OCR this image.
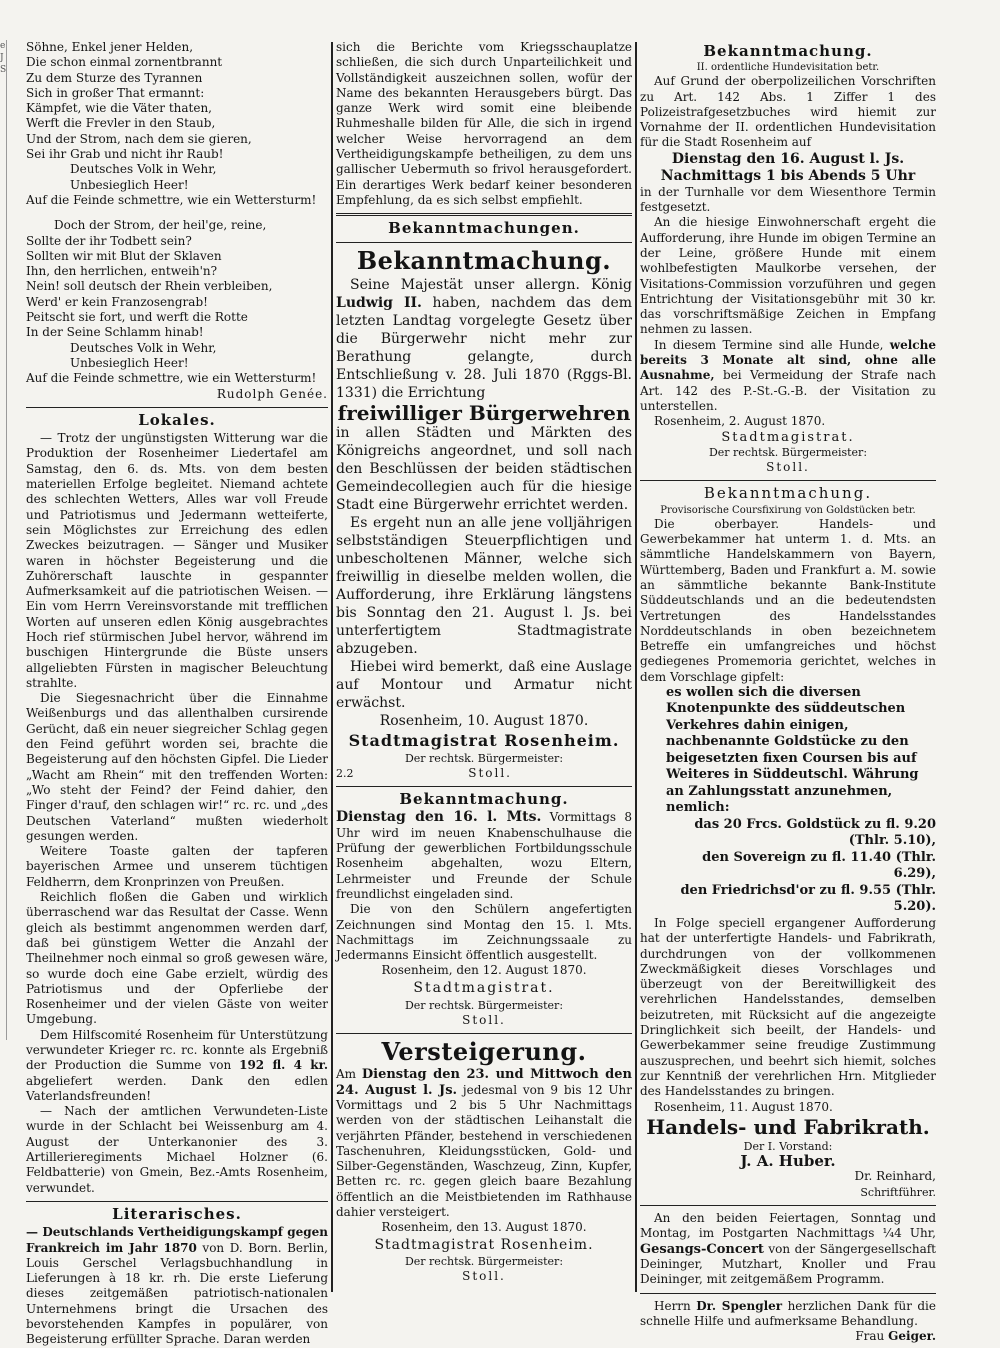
e
J
S
Söhne, Enkel jener Helden,
Die schon einmal zornentbrannt
Zu dem Sturze des Tyrannen
Sich in großer That ermannt:
Kämpfet, wie die Väter thaten,
Werft die Frevler in den Staub,
Und der Strom, nach dem sie gieren,
Sei ihr Grab und nicht ihr Raub!
Deutsches Volk in Wehr,
Unbesieglich Heer!
Auf die Feinde schmettre, wie ein Wettersturm!
Doch der Strom, der heil'ge, reine,
Sollte der ihr Todbett sein?
Sollten wir mit Blut der Sklaven
Ihn, den herrlichen, entweih'n?
Nein! soll deutsch der Rhein verbleiben,
Werd' er kein Franzosengrab!
Peitscht sie fort, und werft die Rotte
In der Seine Schlamm hinab!
Deutsches Volk in Wehr,
Unbesieglich Heer!
Auf die Feinde schmettre, wie ein Wettersturm!

Rudolph Genée.

Lokales.

— Trotz der ungünstigsten Witterung war die Produktion der Rosenheimer Liedertafel am Samstag, den 6. ds. Mts. von dem besten materiellen Erfolge begleitet. Niemand achtete des schlechten Wetters, Alles war voll Freude und Patriotismus und Jedermann wetteiferte, sein Möglichstes zur Erreichung des edlen Zweckes beizutragen. — Sänger und Musiker waren in höchster Begeisterung und die Zuhörerschaft lauschte in gespannter Aufmerksamkeit auf die patriotischen Weisen. — Ein vom Herrn Vereinsvorstande mit trefflichen Worten auf unseren edlen König ausgebrachtes Hoch rief stürmischen Jubel hervor, während im buschigen Hintergrunde die Büste unsers allgeliebten Fürsten in magischer Beleuchtung strahlte.

Die Siegesnachricht über die Einnahme Weißenburgs und das allenthalben cursirende Gerücht, daß ein neuer siegreicher Schlag gegen den Feind geführt worden sei, brachte die Begeisterung auf den höchsten Gipfel. Die Lieder „Wacht am Rhein“ mit den treffenden Worten: „Wo steht der Feind? der Feind dahier, den Finger d'rauf, den schlagen wir!“ rc. rc. und „des Deutschen Vaterland“ mußten wiederholt gesungen werden.

Weitere Toaste galten der tapferen bayerischen Armee und unserem tüchtigen Feldherrn, dem Kronprinzen von Preußen.

Reichlich floßen die Gaben und wirklich überraschend war das Resultat der Casse. Wenn gleich als bestimmt angenommen werden darf, daß bei günstigem Wetter die Anzahl der Theilnehmer noch einmal so groß gewesen wäre, so wurde doch eine Gabe erzielt, würdig des Patriotismus und der Opferliebe der Rosenheimer und der vielen Gäste von weiter Umgebung.

Dem Hilfscomité Rosenheim für Unterstützung verwundeter Krieger rc. rc. konnte als Ergebniß der Production die Summe von 192 fl. 4 kr. abgeliefert werden. Dank den edlen Vaterlandsfreunden!

— Nach der amtlichen Verwundeten-Liste wurde in der Schlacht bei Weissenburg am 4. August der Unterkanonier des 3. Artillerieregiments Michael Holzner (6. Feldbatterie) von Gmein, Bez.-Amts Rosenheim, verwundet.

Literarisches.

— Deutschlands Vertheidigungskampf gegen Frankreich im Jahr 1870 von D. Born. Berlin, Louis Gerschel Verlagsbuchhandlung in Lieferungen à 18 kr. rh. Die erste Lieferung dieses zeitgemäßen patriotisch-nationalen Unternehmens bringt die Ursachen des bevorstehenden Kampfes in populärer, von Begeisterung erfüllter Sprache. Daran werden

sich die Berichte vom Kriegsschauplatze schließen, die sich durch Unparteilichkeit und Vollständigkeit auszeichnen sollen, wofür der Name des bekannten Herausgebers bürgt. Das ganze Werk wird somit eine bleibende Ruhmeshalle bilden für Alle, die sich in irgend welcher Weise hervorragend an dem Vertheidigungskampfe betheiligen, zu dem uns gallischer Uebermuth so frivol herausgefordert. Ein derartiges Werk bedarf keiner besonderen Empfehlung, da es sich selbst empfiehlt.

Bekanntmachungen.
Bekanntmachung.

Seine Majestät unser allergn. König Ludwig II. haben, nachdem das dem letzten Landtag vorgelegte Gesetz über die Bürgerwehr nicht mehr zur Berathung gelangte, durch Entschließung v. 28. Juli 1870 (Rggs-Bl. 1331) die Errichtung

freiwilliger Bürgerwehren

in allen Städten und Märkten des Königreichs angeordnet, und soll nach den Beschlüssen der beiden städtischen Gemeindecollegien auch für die hiesige Stadt eine Bürgerwehr errichtet werden.

Es ergeht nun an alle jene volljährigen selbstständigen Steuerpflichtigen und unbescholtenen Männer, welche sich freiwillig in dieselbe melden wollen, die Aufforderung, ihre Erklärung längstens bis Sonntag den 21. August l. Js. bei unterfertigtem Stadtmagistrate abzugeben.

Hiebei wird bemerkt, daß eine Auslage auf Montour und Armatur nicht erwächst.

Rosenheim, 10. August 1870.

Stadtmagistrat Rosenheim.

Der rechtsk. Bürgermeister:

2.2	Stoll.
Bekanntmachung.

Dienstag den 16. l. Mts. Vormittags 8 Uhr wird im neuen Knabenschulhause die Prüfung der gewerblichen Fortbildungsschule Rosenheim abgehalten, wozu Eltern, Lehrmeister und Freunde der Schule freundlichst eingeladen sind.

Die von den Schülern angefertigten Zeichnungen sind Montag den 15. l. Mts. Nachmittags im Zeichnungssaale zu Jedermanns Einsicht öffentlich ausgestellt.

Rosenheim, den 12. August 1870.

Stadtmagistrat.

Der rechtsk. Bürgermeister:

Stoll.

Versteigerung.

Am Dienstag den 23. und Mittwoch den 24. August l. Js. jedesmal von 9 bis 12 Uhr Vormittags und 2 bis 5 Uhr Nachmittags werden von der städtischen Leihanstalt die verjährten Pfänder, bestehend in verschiedenen Taschenuhren, Kleidungsstücken, Gold- und Silber-Gegenständen, Waschzeug, Zinn, Kupfer, Betten rc. rc. gegen gleich baare Bezahlung öffentlich an die Meistbietenden im Rathhause dahier versteigert.

Rosenheim, den 13. August 1870.

Stadtmagistrat Rosenheim.

Der rechtsk. Bürgermeister:

Stoll.

Bekanntmachung.

II. ordentliche Hundevisitation betr.

Auf Grund der oberpolizeilichen Vorschriften zu Art. 142 Abs. 1 Ziffer 1 des Polizeistrafgesetzbuches wird hiemit zur Vornahme der II. ordentlichen Hundevisitation für die Stadt Rosenheim auf

Dienstag den 16. August l. Js. Nachmittags 1 bis Abends 5 Uhr

in der Turnhalle vor dem Wiesenthore Termin festgesetzt.

An die hiesige Einwohnerschaft ergeht die Aufforderung, ihre Hunde im obigen Termine an der Leine, größere Hunde mit einem wohlbefestigten Maulkorbe versehen, der Visitations-Commission vorzuführen und gegen Entrichtung der Visitationsgebühr mit 30 kr. das vorschriftsmäßige Zeichen in Empfang nehmen zu lassen.

In diesem Termine sind alle Hunde, welche bereits 3 Monate alt sind, ohne alle Ausnahme, bei Vermeidung der Strafe nach Art. 142 des P.-St.-G.-B. der Visitation zu unterstellen.

Rosenheim, 2. August 1870.

Stadtmagistrat.

Der rechtsk. Bürgermeister:

Stoll.

Bekanntmachung.

Provisorische Coursfixirung von Goldstücken betr.

Die oberbayer. Handels- und Gewerbekammer hat unterm 1. d. Mts. an sämmtliche Handelskammern von Bayern, Württemberg, Baden und Frankfurt a. M. sowie an sämmtliche bekannte Bank-Institute Süddeutschlands und an die bedeutendsten Vertretungen des Handelsstandes Norddeutschlands in oben bezeichnetem Betreffe ein umfangreiches und höchst gediegenes Promemoria gerichtet, welches in dem Vorschlage gipfelt:

es wollen sich die diversen Knotenpunkte des süddeutschen Verkehres dahin einigen, nachbenannte Goldstücke zu den beigesetzten fixen Coursen bis auf Weiteres in Süddeutschl. Währung an Zahlungsstatt anzunehmen, nemlich:

das 20 Frcs. Goldstück zu fl. 9.20 (Thlr. 5.10),
den Sovereign zu fl. 11.40 (Thlr. 6.29),
den Friedrichsd'or zu fl. 9.55 (Thlr. 5.20).

In Folge speciell ergangener Aufforderung hat der unterfertigte Handels- und Fabrikrath, durchdrungen von der vollkommenen Zweckmäßigkeit dieses Vorschlages und überzeugt von der Bereitwilligkeit des verehrlichen Handelsstandes, demselben beizutreten, mit Rücksicht auf die angezeigte Dringlichkeit sich beeilt, der Handels- und Gewerbekammer seine freudige Zustimmung auszusprechen, und beehrt sich hiemit, solches zur Kenntniß der verehrlichen Hrn. Mitglieder des Handelsstandes zu bringen.

Rosenheim, 11. August 1870.

Handels- und Fabrikrath.

Der I. Vorstand:

J. A. Huber.

Dr. Reinhard,

Schriftführer.

An den beiden Feiertagen, Sonntag und Montag, im Postgarten Nachmittags ¼4 Uhr, Gesangs-Concert von der Sängergesellschaft Deininger, Mutzhart, Knoller und Frau Deininger, mit zeitgemäßem Programm.

Herrn Dr. Spengler herzlichen Dank für die schnelle Hilfe und aufmerksame Behandlung.

Frau Geiger.
